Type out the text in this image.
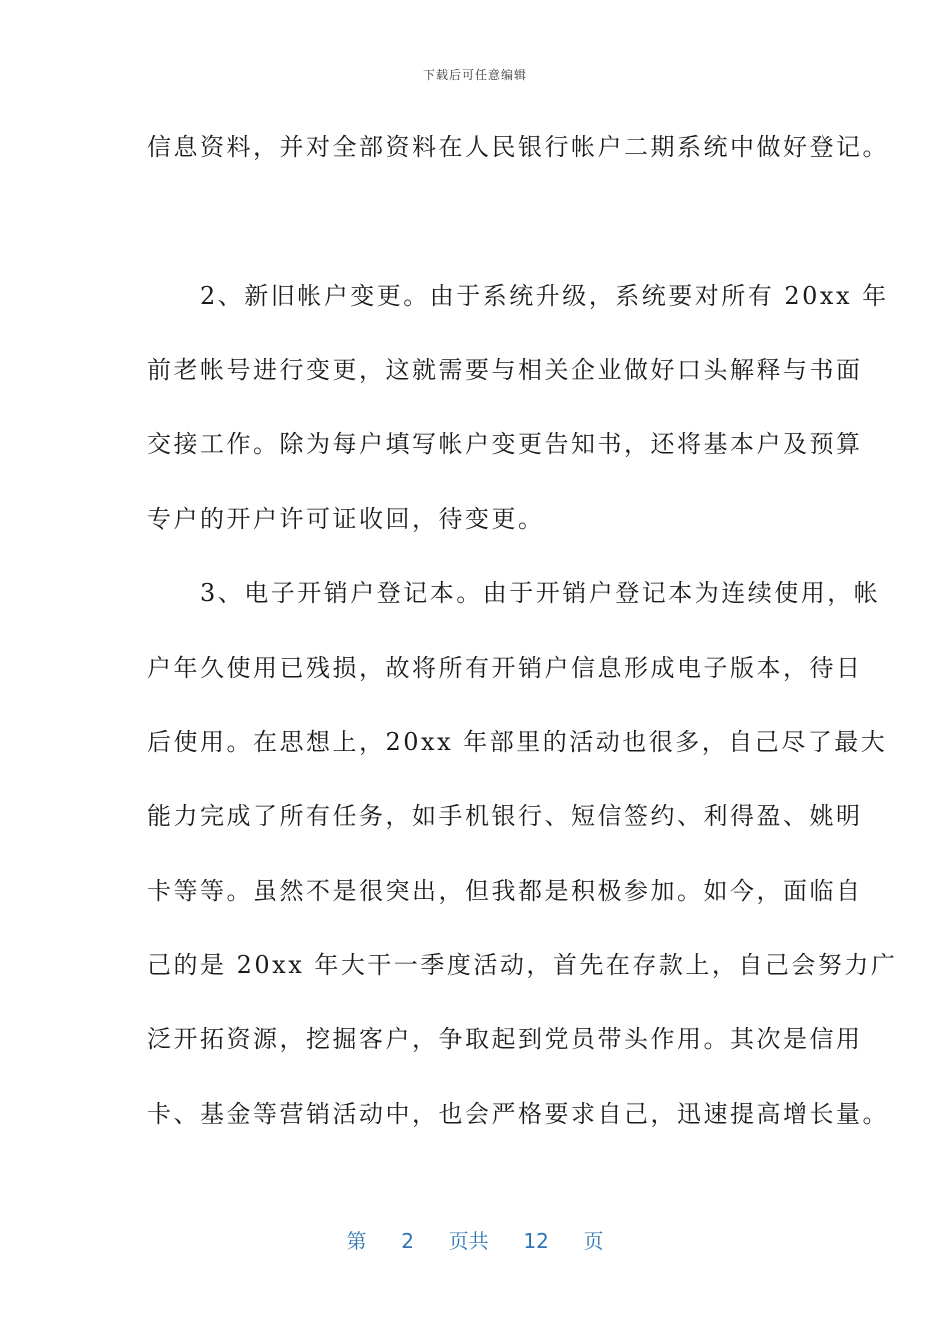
下载后可任意编辑
信息资料，并对全部资料在人民银行帐户二期系统中做好登记。
　　2、新旧帐户变更。由于系统升级，系统要对所有 20xx 年
前老帐号进行变更，这就需要与相关企业做好口头解释与书面
交接工作。除为每户填写帐户变更告知书，还将基本户及预算
专户的开户许可证收回，待变更。
　　3、电子开销户登记本。由于开销户登记本为连续使用，帐
户年久使用已残损，故将所有开销户信息形成电子版本，待日
后使用。在思想上，20xx 年部里的活动也很多，自己尽了最大
能力完成了所有任务，如手机银行、短信签约、利得盈、姚明
卡等等。虽然不是很突出，但我都是积极参加。如今，面临自
己的是 20xx 年大干一季度活动，首先在存款上，自己会努力广
泛开拓资源，挖掘客户，争取起到党员带头作用。其次是信用
卡、基金等营销活动中，也会严格要求自己，迅速提高增长量。
第 2 页共 12 页
